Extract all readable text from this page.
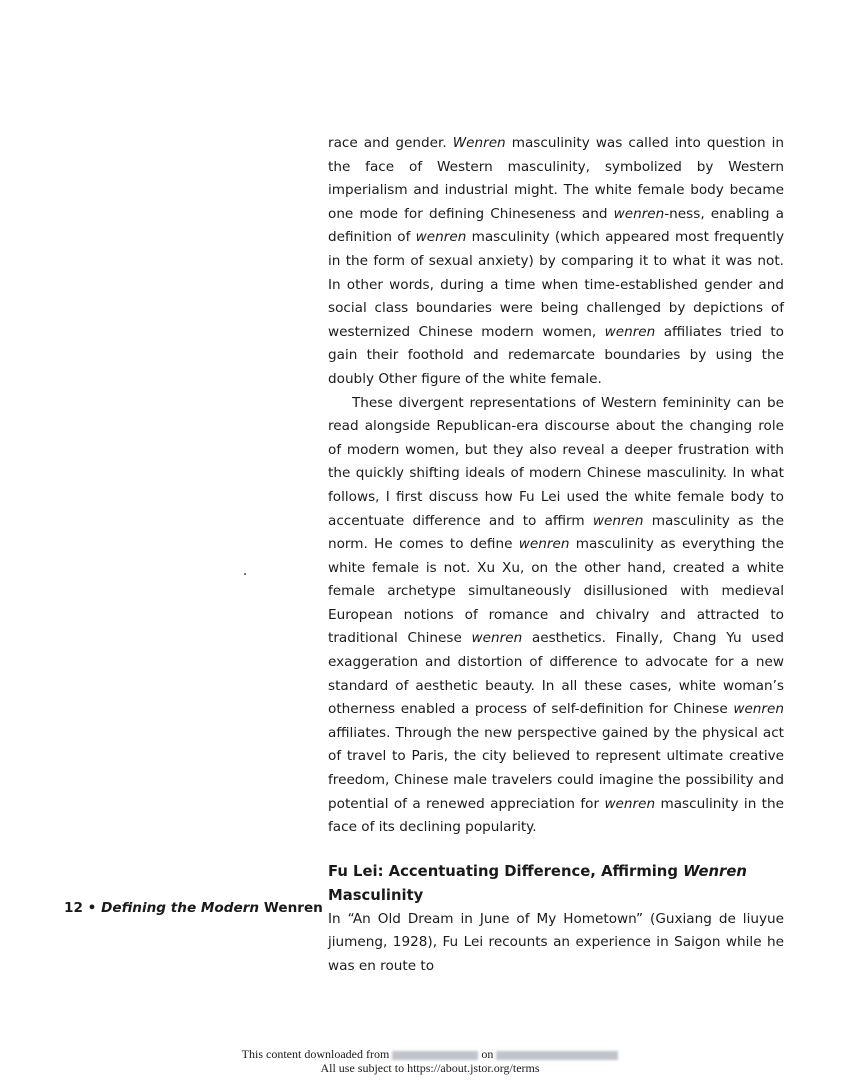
race and gender. Wenren masculinity was called into question in the face of Western masculinity, symbolized by Western imperialism and industrial might. The white female body became one mode for defining Chineseness and wenren-ness, enabling a definition of wenren masculinity (which appeared most frequently in the form of sexual anxiety) by comparing it to what it was not. In other words, during a time when time-established gender and social class boundaries were being challenged by depictions of westernized Chinese modern women, wenren affiliates tried to gain their foothold and redemarcate boundaries by using the doubly Other figure of the white female.

These divergent representations of Western femininity can be read alongside Republican-era discourse about the changing role of modern women, but they also reveal a deeper frustration with the quickly shifting ideals of modern Chinese masculinity. In what follows, I first discuss how Fu Lei used the white female body to accentuate difference and to affirm wenren masculinity as the norm. He comes to define wenren masculinity as everything the white female is not. Xu Xu, on the other hand, created a white female archetype simultaneously disillusioned with medieval European notions of romance and chivalry and attracted to traditional Chinese wenren aesthetics. Finally, Chang Yu used exaggeration and distortion of difference to advocate for a new standard of aesthetic beauty. In all these cases, white woman’s otherness enabled a process of self-definition for Chinese wenren affiliates. Through the new perspective gained by the physical act of travel to Paris, the city believed to represent ultimate creative freedom, Chinese male travelers could imagine the possibility and potential of a renewed appreciation for wenren masculinity in the face of its declining popularity.

Fu Lei: Accentuating Difference, Affirming Wenren Masculinity

In “An Old Dream in June of My Hometown” (Guxiang de liuyue jiumeng, 1928), Fu Lei recounts an experience in Saigon while he was en route to

12 • Defining the Modern Wenren
This content downloaded from	on
All use subject to https://about.jstor.org/terms
